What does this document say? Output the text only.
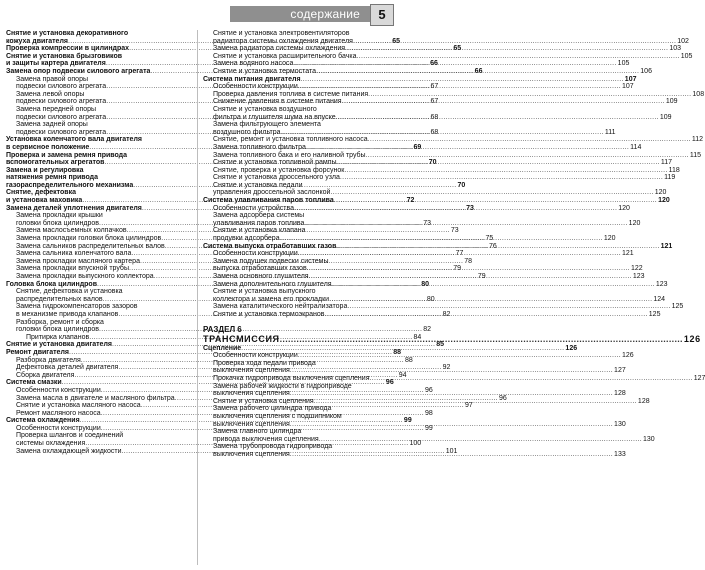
содержание	5
Снятие и установка декоративного
кожуха двигателя .....	65
Проверка компрессии в цилиндрах .....	65
Снятие и установка брызговиков
и защиты картера двигателя .....	66
Замена опор подвески силового агрегата .....	66
Замена правой опоры
подвески силового агрегата .....	67
Замена левой опоры
подвески силового агрегата .....	67
Замена передней опоры
подвески силового агрегата .....	68
Замена задней опоры
подвески силового агрегата .....	68
Установка коленчатого вала двигателя
в сервисное положение .....	69
Проверка и замена ремня привода
вспомогательных агрегатов .....	70
Замена и регулировка
натяжения ремня привода
газораспределительного механизма .....	70
Снятие, дефектовка
и установка маховика .....	72
Замена деталей уплотнения двигателя .....	73
Замена прокладки крышки
головки блока цилиндров .....	73
Замена маслосъемных колпачков .....	73
Замена прокладки головки блока цилиндров .....	75
Замена сальников распределительных валов .....	76
Замена сальника коленчатого вала .....	77
Замена прокладки масляного картера .....	78
Замена прокладки впускной трубы .....	79
Замена прокладки выпускного коллектора .....	79
Головка блока цилиндров .....	80
Снятие, дефектовка и установка
распределительных валов .....	80
Замена гидрокомпенсаторов зазоров
в механизме привода клапанов .....	82
Разборка, ремонт и сборка
головки блока цилиндров .....	82
Притирка клапанов .....	84
Снятие и установка двигателя .....	85
Ремонт двигателя .....	88
Разборка двигателя .....	88
Дефектовка деталей двигателя .....	92
Сборка двигателя .....	94
Система смазки .....	96
Особенности конструкции .....	96
Замена масла в двигателе и масляного фильтра .....	96
Снятие и установка масляного насоса .....	97
Ремонт масляного насоса .....	98
Система охлаждения .....	99
Особенности конструкции .....	99
Проверка шлангов и соединений
системы охлаждения .....	100
Замена охлаждающей жидкости .....	101
Снятие и установка электровентиляторов
радиатора системы охлаждения двигателя .....	102
Замена радиатора системы охлаждения .....	103
Снятие и установка расширительного бачка .....	105
Замена водяного насоса .....	105
Снятие и установка термостата .....	106
Система питания двигателя .....	107
Особенности конструкции .....	107
Проверка давления топлива в системе питания .....	108
Снижение давления в системе питания .....	109
Снятие и установка воздушного
фильтра и глушителя шума на впуске .....	109
Замена фильтрующего элемента
воздушного фильтра .....	111
Снятие, ремонт и установка топливного насоса .....	112
Замена топливного фильтра .....	114
Замена топливного бака и его наливной трубы .....	115
Снятие и установка топливной рампы .....	117
Снятие, проверка и установка форсунок .....	118
Снятие и установка дроссельного узла .....	119
Снятие и установка педали
управления дроссельной заслонкой .....	120
Система улавливания паров топлива .....	120
Особенности устройства .....	120
Замена адсорбера системы
улавливания паров топлива .....	120
Снятие и установка клапана
продувки адсорбера .....	120
Система выпуска отработавших газов .....	121
Особенности конструкции .....	121
Замена подушек подвески системы
выпуска отработавших газов .....	122
Замена основного глушителя .....	123
Замена дополнительного глушителя .....	123
Снятие и установка выпускного
коллектора и замена его прокладки .....	124
Замена каталитического нейтрализатора .....	125
Снятие и установка термоэкранов .....	125
РАЗДЕЛ 6
ТРАНСМИССИЯ .....	126
Сцепление .....	126
Особенности конструкции .....	126
Проверка хода педали привода
выключения сцепления .....	127
Прокачка гидропривода выключения сцепления .....	127
Замена рабочей жидкости в гидроприводе
выключения сцепления .....	128
Снятие и установка сцепления .....	128
Замена рабочего цилиндра привода
выключения сцепления с подшипником
выключения сцепления .....	130
Замена главного цилиндра
привода выключения сцепления .....	130
Замена трубопровода гидропривода
выключения сцепления .....	133
